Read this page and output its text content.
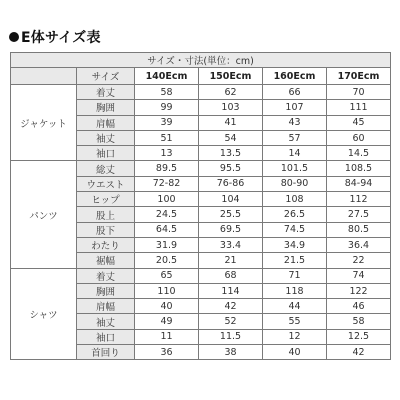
E体サイズ表
サイズ・寸法(単位：cm)					
	サイズ	140Ecm	150Ecm	160Ecm	170Ecm
ジャケット	着丈	58	62	66	70
	胸囲	99	103	107	111
	肩幅	39	41	43	45
	袖丈	51	54	57	60
	袖口	13	13.5	14	14.5
パンツ	総丈	89.5	95.5	101.5	108.5
	ウエスト	72-82	76-86	80-90	84-94
	ヒップ	100	104	108	112
	股上	24.5	25.5	26.5	27.5
	股下	64.5	69.5	74.5	80.5
	わたり	31.9	33.4	34.9	36.4
	裾幅	20.5	21	21.5	22
シャツ	着丈	65	68	71	74
	胸囲	110	114	118	122
	肩幅	40	42	44	46
	袖丈	49	52	55	58
	袖口	11	11.5	12	12.5
	首回り	36	38	40	42
